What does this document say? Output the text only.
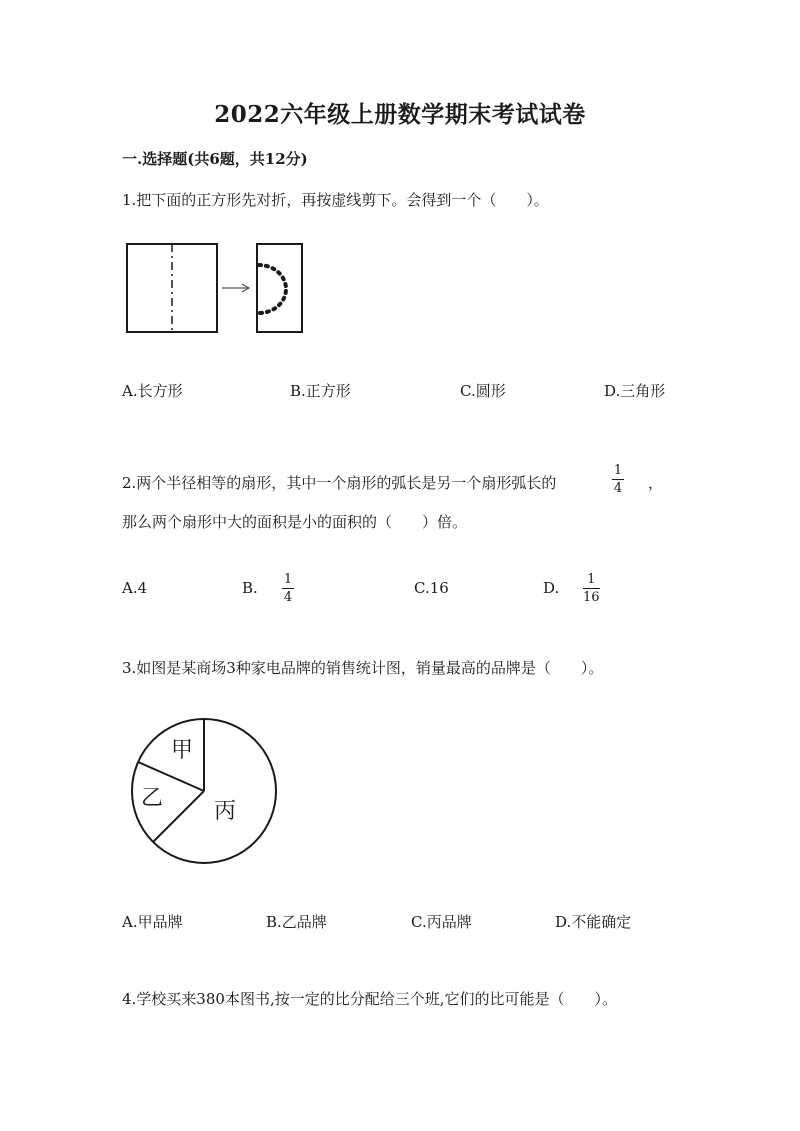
2022六年级上册数学期末考试试卷
一.选择题(共6题，共12分)
1.把下面的正方形先对折，再按虚线剪下。会得到一个（　　）。
A.长方形	B.正方形	C.圆形	D.三角形
2.两个半径相等的扇形，其中一个扇形的弧长是另一个扇形弧长的
1
4 ，
那么两个扇形中大的面积是小的面积的（　　）倍。
A.4	B. 1
4
C.16	D. 1
16
3.如图是某商场3种家电品牌的销售统计图，销量最高的品牌是（　　）。
甲
乙
丙
A.甲品牌	B.乙品牌	C.丙品牌	D.不能确定
4.学校买来380本图书,按一定的比分配给三个班,它们的比可能是（　　）。
